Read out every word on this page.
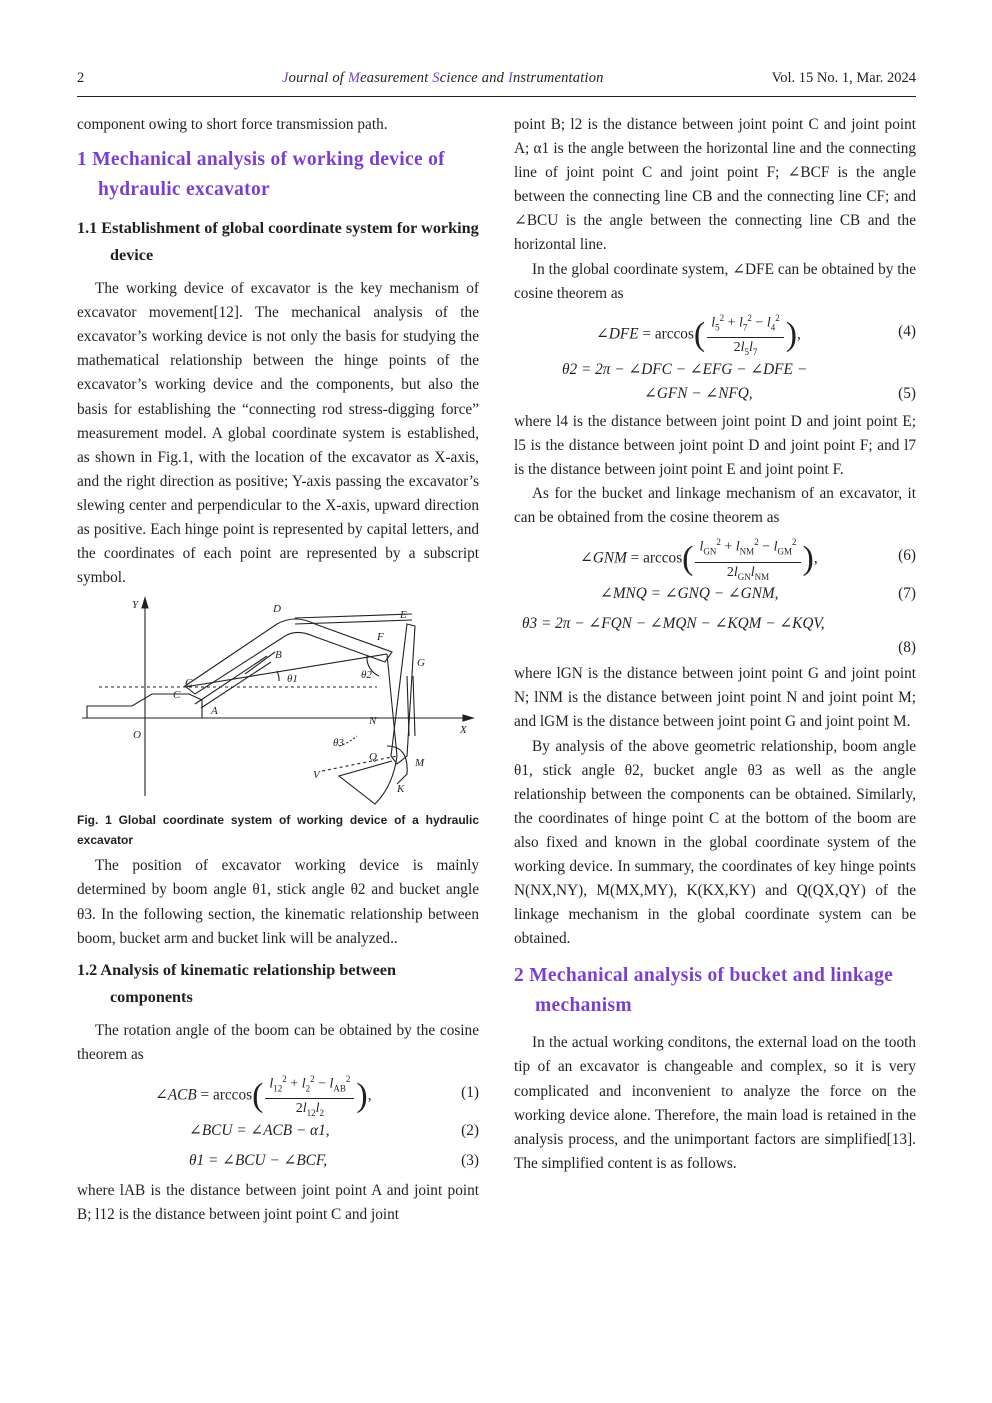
2	Journal of Measurement Science and Instrumentation	Vol. 15 No. 1, Mar. 2024

component owing to short force transmission path.

1 Mechanical analysis of working device of hydraulic excavator
1.1 Establishment of global coordinate system for working device

The working device of excavator is the key mechanism of excavator movement[12]. The mechanical analysis of the excavator’s working device is not only the basis for studying the mathematical relationship between the hinge points of the excavator’s working device and the components, but also the basis for establishing the “connecting rod stress-digging force” measurement model. A global coordinate system is established, as shown in Fig.1, with the location of the excavator as X-axis, and the right direction as positive; Y-axis passing the excavator’s slewing center and perpendicular to the X-axis, upward direction as positive. Each hinge point is represented by capital letters, and the coordinates of each point are represented by a subscript symbol.

Y	D	E
F
B
C
θ1	θ2
G
C
A
N
X
O
θ3
Q	M
V
K
Fig. 1 Global coordinate system of working device of a hydraulic excavator

The position of excavator working device is mainly determined by boom angle θ1, stick angle θ2 and bucket angle θ3. In the following section, the kinematic relationship between boom, bucket arm and bucket link will be analyzed..

1.2 Analysis of kinematic relationship between components

The rotation angle of the boom can be obtained by the cosine theorem as

∠ACB = $\arccos( \frac{l_{12}^2 + l_2^2 - l_{AB}^2}{2l_{12}l_2}$ ),	(1)
∠BCU = ∠ACB − α1,	(2)
θ1 = ∠BCU − ∠BCF,	(3)

where lAB is the distance between joint point A and joint point B; l12 is the distance between joint point C and joint

point B; l2 is the distance between joint point C and joint point A; α1 is the angle between the horizontal line and the connecting line of joint point C and joint point F; ∠BCF is the angle between the connecting line CB and the connecting line CF; and ∠BCU is the angle between the connecting line CB and the horizontal line.

In the global coordinate system, ∠DFE can be obtained by the cosine theorem as

∠DFE = $\arccos( \frac{l_5^2 + l_7^2 - l_4^2}{2l_5l_7}$ ),	(4)
θ2 = 2π − ∠DFC − ∠EFG − ∠DFE −
∠GFN − ∠NFQ,	(5)

where l4 is the distance between joint point D and joint point E; l5 is the distance between joint point D and joint point F; and l7 is the distance between joint point E and joint point F.

As for the bucket and linkage mechanism of an excavator, it can be obtained from the cosine theorem as

∠GNM = $\arccos( \frac{l_{GN}^2 + l_{NM}^2 - l_{GM}^2}{2l_{GN}l_{NM}}$ ),	(6)
∠MNQ = ∠GNQ − ∠GNM,	(7)
θ3 = 2π − ∠FQN − ∠MQN − ∠KQM − ∠KQV,
(8)

where lGN is the distance between joint point G and joint point N; lNM is the distance between joint point N and joint point M; and lGM is the distance between joint point G and joint point M.

By analysis of the above geometric relationship, boom angle θ1, stick angle θ2, bucket angle θ3 as well as the angle relationship between the components can be obtained. Similarly, the coordinates of hinge point C at the bottom of the boom are also fixed and known in the global coordinate system of the working device. In summary, the coordinates of key hinge points N(NX,NY), M(MX,MY), K(KX,KY) and Q(QX,QY) of the linkage mechanism in the global coordinate system can be obtained.

2 Mechanical analysis of bucket and linkage mechanism

In the actual working conditons, the external load on the tooth tip of an excavator is changeable and complex, so it is very complicated and inconvenient to analyze the force on the working device alone. Therefore, the main load is retained in the analysis process, and the unimportant factors are simplified[13]. The simplified content is as follows.
